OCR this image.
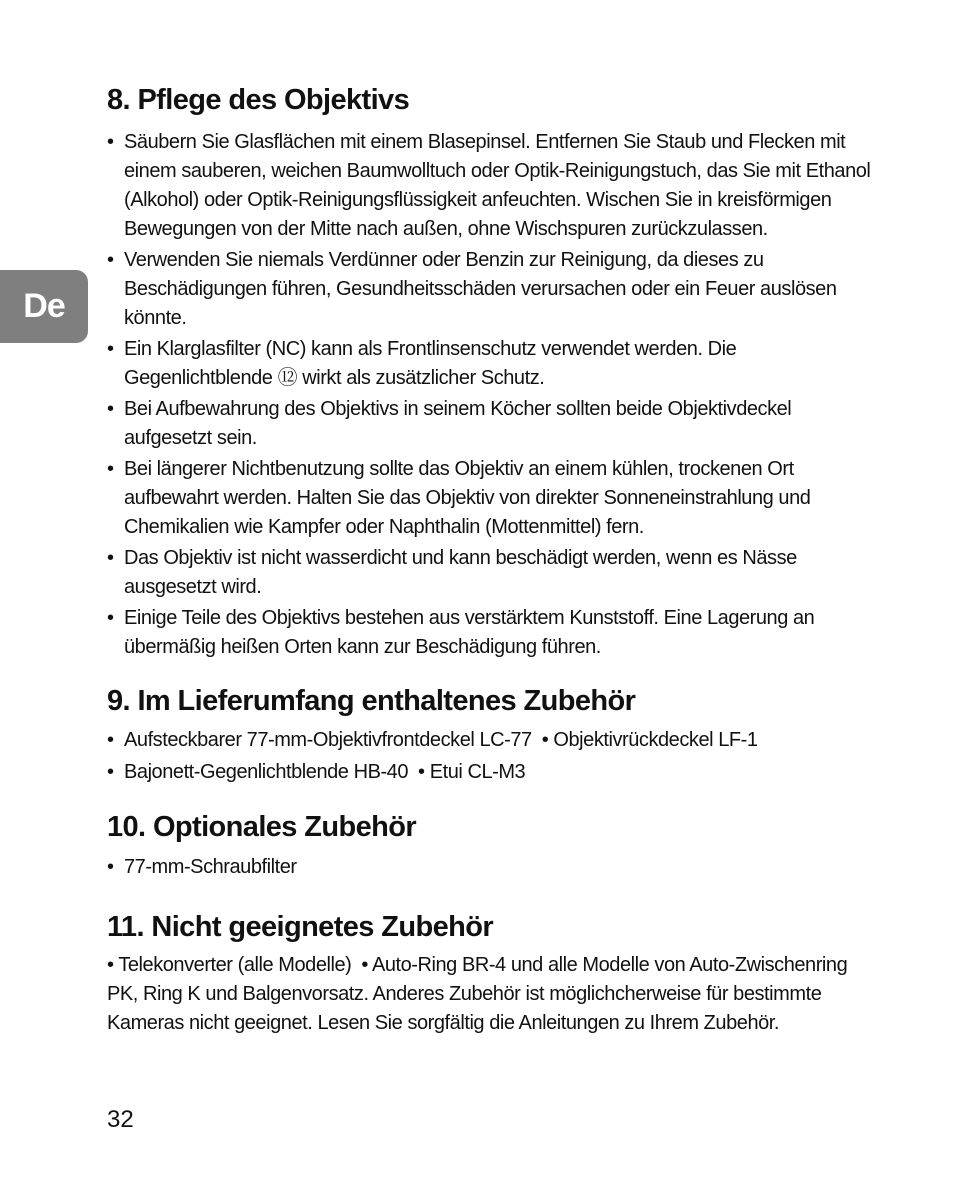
De
8. Pflege des Objektivs
• Säubern Sie Glasflächen mit einem Blasepinsel. Entfernen Sie Staub und Flecken mit einem sauberen, weichen Baumwolltuch oder Optik-Reinigungstuch, das Sie mit Ethanol (Alkohol) oder Optik-Reinigungsflüssigkeit anfeuchten. Wischen Sie in kreisförmigen Bewegungen von der Mitte nach außen, ohne Wischspuren zurückzulassen.
• Verwenden Sie niemals Verdünner oder Benzin zur Reinigung, da dieses zu Beschädigungen führen, Gesundheitsschäden verursachen oder ein Feuer auslösen könnte.
• Ein Klarglasfilter (NC) kann als Frontlinsenschutz verwendet werden. Die Gegenlichtblende ⑫ wirkt als zusätzlicher Schutz.
• Bei Aufbewahrung des Objektivs in seinem Köcher sollten beide Objektivdeckel aufgesetzt sein.
• Bei längerer Nichtbenutzung sollte das Objektiv an einem kühlen, trockenen Ort aufbewahrt werden. Halten Sie das Objektiv von direkter Sonneneinstrahlung und Chemikalien wie Kampfer oder Naphthalin (Mottenmittel) fern.
• Das Objektiv ist nicht wasserdicht und kann beschädigt werden, wenn es Nässe ausgesetzt wird.
• Einige Teile des Objektivs bestehen aus verstärktem Kunststoff. Eine Lagerung an übermäßig heißen Orten kann zur Beschädigung führen.
9. Im Lieferumfang enthaltenes Zubehör
• Aufsteckbarer 77-mm-Objektivfrontdeckel LC-77 • Objektivrückdeckel LF-1
• Bajonett-Gegenlichtblende HB-40 • Etui CL-M3
10. Optionales Zubehör
• 77-mm-Schraubfilter
11. Nicht geeignetes Zubehör

• Telekonverter (alle Modelle) • Auto-Ring BR-4 und alle Modelle von Auto-Zwischenring PK, Ring K und Balgenvorsatz. Anderes Zubehör ist möglichcherweise für bestimmte Kameras nicht geeignet. Lesen Sie sorgfältig die Anleitungen zu Ihrem Zubehör.

32
